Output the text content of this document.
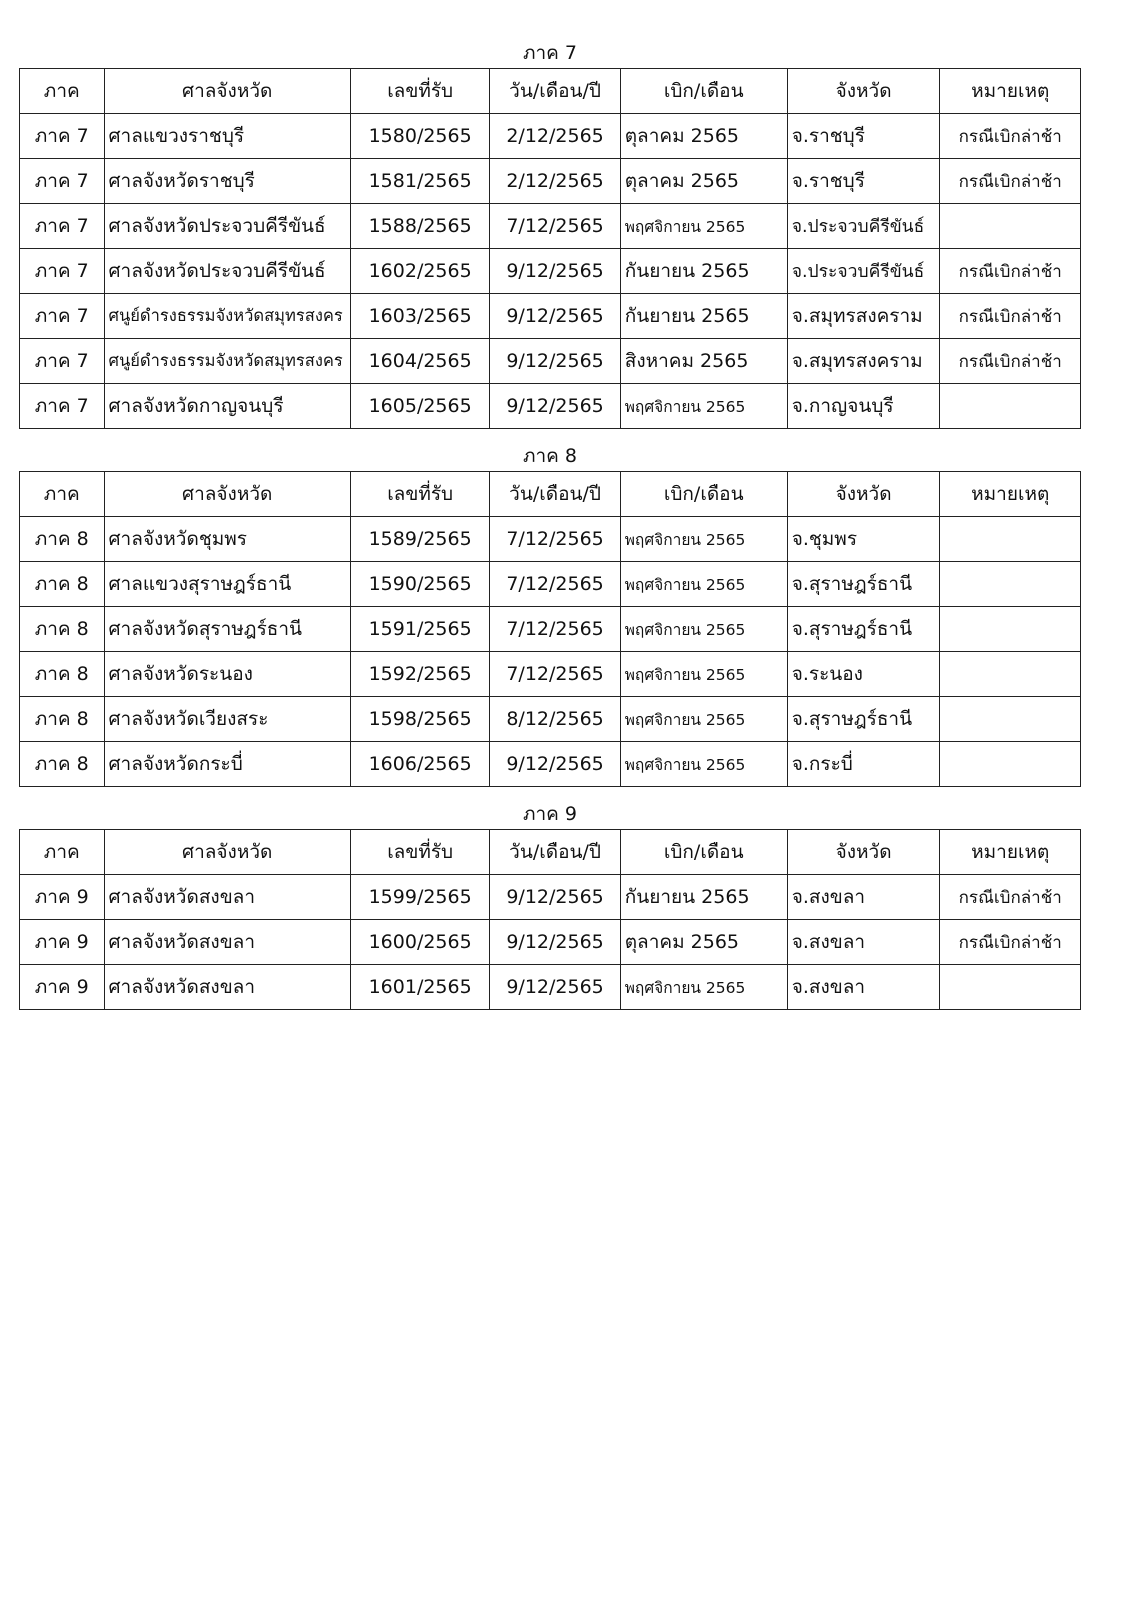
ภาค 7
ภาค	ศาลจังหวัด	เลขที่รับ	วัน/เดือน/ปี	เบิก/เดือน	จังหวัด	หมายเหตุ
ภาค 7	ศาลแขวงราชบุรี	1580/2565	2/12/2565	ตุลาคม 2565	จ.ราชบุรี	กรณีเบิกล่าช้า
ภาค 7	ศาลจังหวัดราชบุรี	1581/2565	2/12/2565	ตุลาคม 2565	จ.ราชบุรี	กรณีเบิกล่าช้า
ภาค 7	ศาลจังหวัดประจวบคีรีขันธ์	1588/2565	7/12/2565	พฤศจิกายน 2565	จ.ประจวบคีรีขันธ์	
ภาค 7	ศาลจังหวัดประจวบคีรีขันธ์	1602/2565	9/12/2565	กันยายน 2565	จ.ประจวบคีรีขันธ์	กรณีเบิกล่าช้า
ภาค 7	ศนูย์ดำรงธรรมจังหวัดสมุทรสงคร	1603/2565	9/12/2565	กันยายน 2565	จ.สมุทรสงคราม	กรณีเบิกล่าช้า
ภาค 7	ศนูย์ดำรงธรรมจังหวัดสมุทรสงคร	1604/2565	9/12/2565	สิงหาคม 2565	จ.สมุทรสงคราม	กรณีเบิกล่าช้า
ภาค 7	ศาลจังหวัดกาญจนบุรี	1605/2565	9/12/2565	พฤศจิกายน 2565	จ.กาญจนบุรี	
ภาค 8
ภาค	ศาลจังหวัด	เลขที่รับ	วัน/เดือน/ปี	เบิก/เดือน	จังหวัด	หมายเหตุ
ภาค 8	ศาลจังหวัดชุมพร	1589/2565	7/12/2565	พฤศจิกายน 2565	จ.ชุมพร	
ภาค 8	ศาลแขวงสุราษฎร์ธานี	1590/2565	7/12/2565	พฤศจิกายน 2565	จ.สุราษฎร์ธานี	
ภาค 8	ศาลจังหวัดสุราษฎร์ธานี	1591/2565	7/12/2565	พฤศจิกายน 2565	จ.สุราษฎร์ธานี	
ภาค 8	ศาลจังหวัดระนอง	1592/2565	7/12/2565	พฤศจิกายน 2565	จ.ระนอง	
ภาค 8	ศาลจังหวัดเวียงสระ	1598/2565	8/12/2565	พฤศจิกายน 2565	จ.สุราษฎร์ธานี	
ภาค 8	ศาลจังหวัดกระบี่	1606/2565	9/12/2565	พฤศจิกายน 2565	จ.กระบี่	
ภาค 9
ภาค	ศาลจังหวัด	เลขที่รับ	วัน/เดือน/ปี	เบิก/เดือน	จังหวัด	หมายเหตุ
ภาค 9	ศาลจังหวัดสงขลา	1599/2565	9/12/2565	กันยายน 2565	จ.สงขลา	กรณีเบิกล่าช้า
ภาค 9	ศาลจังหวัดสงขลา	1600/2565	9/12/2565	ตุลาคม 2565	จ.สงขลา	กรณีเบิกล่าช้า
ภาค 9	ศาลจังหวัดสงขลา	1601/2565	9/12/2565	พฤศจิกายน 2565	จ.สงขลา	
